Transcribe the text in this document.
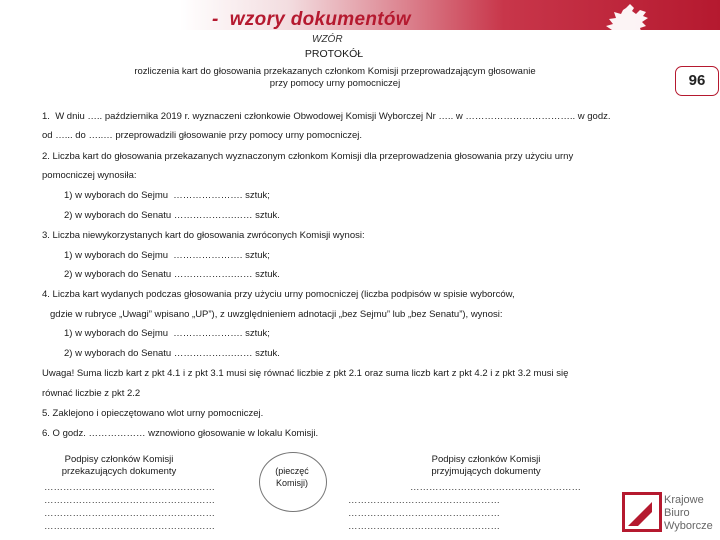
-  wzory dokumentów
96
WZÓR
PROTOKÓŁ
rozliczenia kart do głosowania przekazanych członkom Komisji przeprowadzającym głosowanie
przy pomocy urny pomocniczej
1.  W dniu ….. października 2019 r. wyznaczeni członkowie Obwodowej Komisji Wyborczej Nr ….. w …………………………….. w godz.
od …... do …..… przeprowadzili głosowanie przy pomocy urny pomocniczej.
2. Liczba kart do głosowania przekazanych wyznaczonym członkom Komisji dla przeprowadzenia głosowania przy użyciu urny
pomocniczej wynosiła:
1) w wyborach do Sejmu  …………………. sztuk;
2) w wyborach do Senatu ……………….…… sztuk.
3. Liczba niewykorzystanych kart do głosowania zwróconych Komisji wynosi:
1) w wyborach do Sejmu  …………………. sztuk;
2) w wyborach do Senatu ……………….…… sztuk.
4. Liczba kart wydanych podczas głosowania przy użyciu urny pomocniczej (liczba podpisów w spisie wyborców,
gdzie w rubryce „Uwagi” wpisano „UP”), z uwzględnieniem adnotacji „bez Sejmu” lub „bez Senatu”), wynosi:
1) w wyborach do Sejmu  …………………. sztuk;
2) w wyborach do Senatu ……………….…… sztuk.
Uwaga! Suma liczb kart z pkt 4.1 i z pkt 3.1 musi się równać liczbie z pkt 2.1 oraz suma liczb kart z pkt 4.2 i z pkt 3.2 musi się
równać liczbie z pkt 2.2
5. Zaklejono i opieczętowano wlot urny pomocniczej.
6. O godz. ……………… wznowiono głosowanie w lokalu Komisji.
Podpisy członków Komisji
przekazujących dokumenty
………………………………………………
………………………………………………
………………………………………………
………………………………………………
(pieczęć
Komisji)
Podpisy członków Komisji
przyjmujących dokumenty
………………………………………………
…………………………………………
…………………………………………
…………………………………………
Krajowe
Biuro
Wyborcze
